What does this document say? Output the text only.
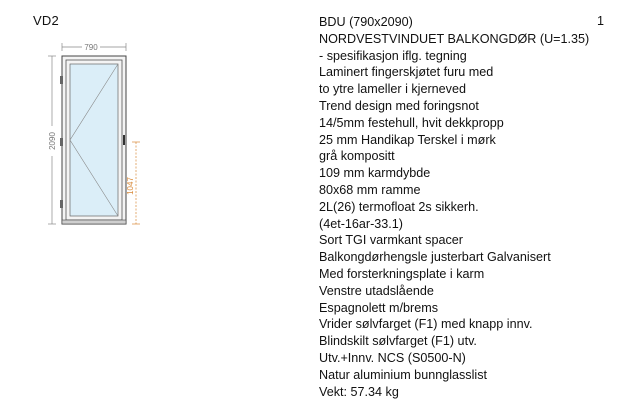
VD2
790
2090
1047
1
BDU (790x2090)
NORDVESTVINDUET BALKONGDØR (U=1.35)
- spesifikasjon iflg. tegning
Laminert fingerskjøtet furu med
to ytre lameller i kjerneved
Trend design med foringsnot
14/5mm festehull, hvit dekkpropp
25 mm Handikap Terskel i mørk
grå kompositt
109 mm karmdybde
80x68 mm ramme
2L(26) termofloat 2s sikkerh.
(4et-16ar-33.1)
Sort TGI varmkant spacer
Balkongdørhengsle justerbart Galvanisert
Med forsterkningsplate i karm
Venstre utadslående
Espagnolett m/brems
Vrider sølvfarget (F1) med knapp innv.
Blindskilt sølvfarget (F1) utv.
Utv.+Innv. NCS (S0500-N)
Natur aluminium bunnglasslist
Vekt: 57.34 kg
